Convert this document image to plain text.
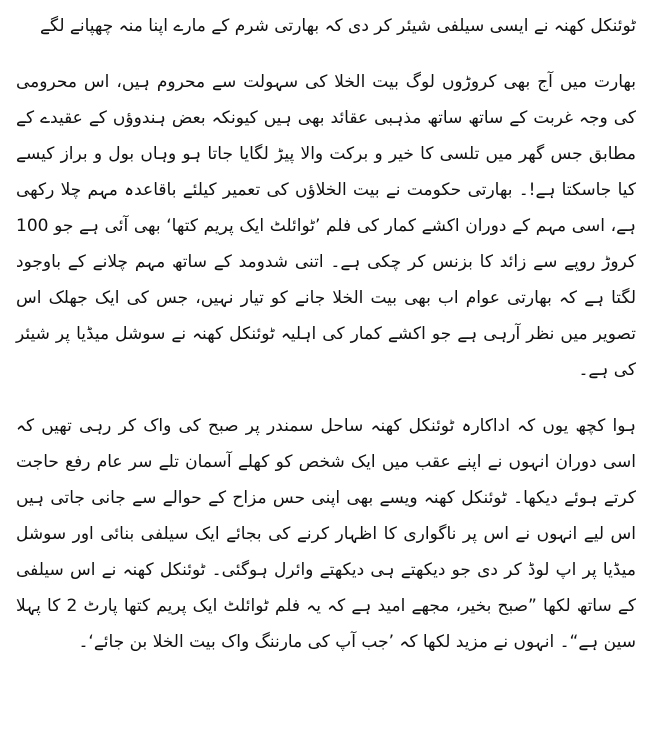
ٹوئنکل کھنہ نے ایسی سیلفی شیئر کر دی کہ بھارتی شرم کے مارے اپنا منہ چھپانے لگے

بھارت میں آج بھی کروڑوں لوگ بیت الخلا کی سہولت سے محروم ہیں، اس محرومی کی وجہ غربت کے ساتھ ساتھ مذہبی عقائد بھی ہیں کیونکہ بعض ہندوؤں کے عقیدے کے مطابق جس گھر میں تلسی کا خیر و برکت والا پیڑ لگایا جاتا ہو وہاں بول و براز کیسے کیا جاسکتا ہے!۔ بھارتی حکومت نے بیت الخلاؤں کی تعمیر کیلئے باقاعدہ مہم چلا رکھی ہے، اسی مہم کے دوران اکشے کمار کی فلم ’ٹوائلٹ ایک پریم کتھا‘ بھی آئی ہے جو 100 کروڑ روپے سے زائد کا بزنس کر چکی ہے۔ اتنی شدومد کے ساتھ مہم چلانے کے باوجود لگتا ہے کہ بھارتی عوام اب بھی بیت الخلا جانے کو تیار نہیں، جس کی ایک جھلک اس تصویر میں نظر آرہی ہے جو اکشے کمار کی اہلیہ ٹوئنکل کھنہ نے سوشل میڈیا پر شیئر کی ہے۔

ہوا کچھ یوں کہ اداکارہ ٹوئنکل کھنہ ساحل سمندر پر صبح کی واک کر رہی تھیں کہ اسی دوران انہوں نے اپنے عقب میں ایک شخص کو کھلے آسمان تلے سر عام رفع حاجت کرتے ہوئے دیکھا۔ ٹوئنکل کھنہ ویسے بھی اپنی حس مزاح کے حوالے سے جانی جاتی ہیں اس لیے انہوں نے اس پر ناگواری کا اظہار کرنے کی بجائے ایک سیلفی بنائی اور سوشل میڈیا پر اپ لوڈ کر دی جو دیکھتے ہی دیکھتے وائرل ہوگئی۔ ٹوئنکل کھنہ نے اس سیلفی کے ساتھ لکھا ”صبح بخیر، مجھے امید ہے کہ یہ فلم ٹوائلٹ ایک پریم کتھا پارٹ 2 کا پہلا سین ہے“۔ انہوں نے مزید لکھا کہ ’جب آپ کی مارننگ واک بیت الخلا بن جائے‘۔
